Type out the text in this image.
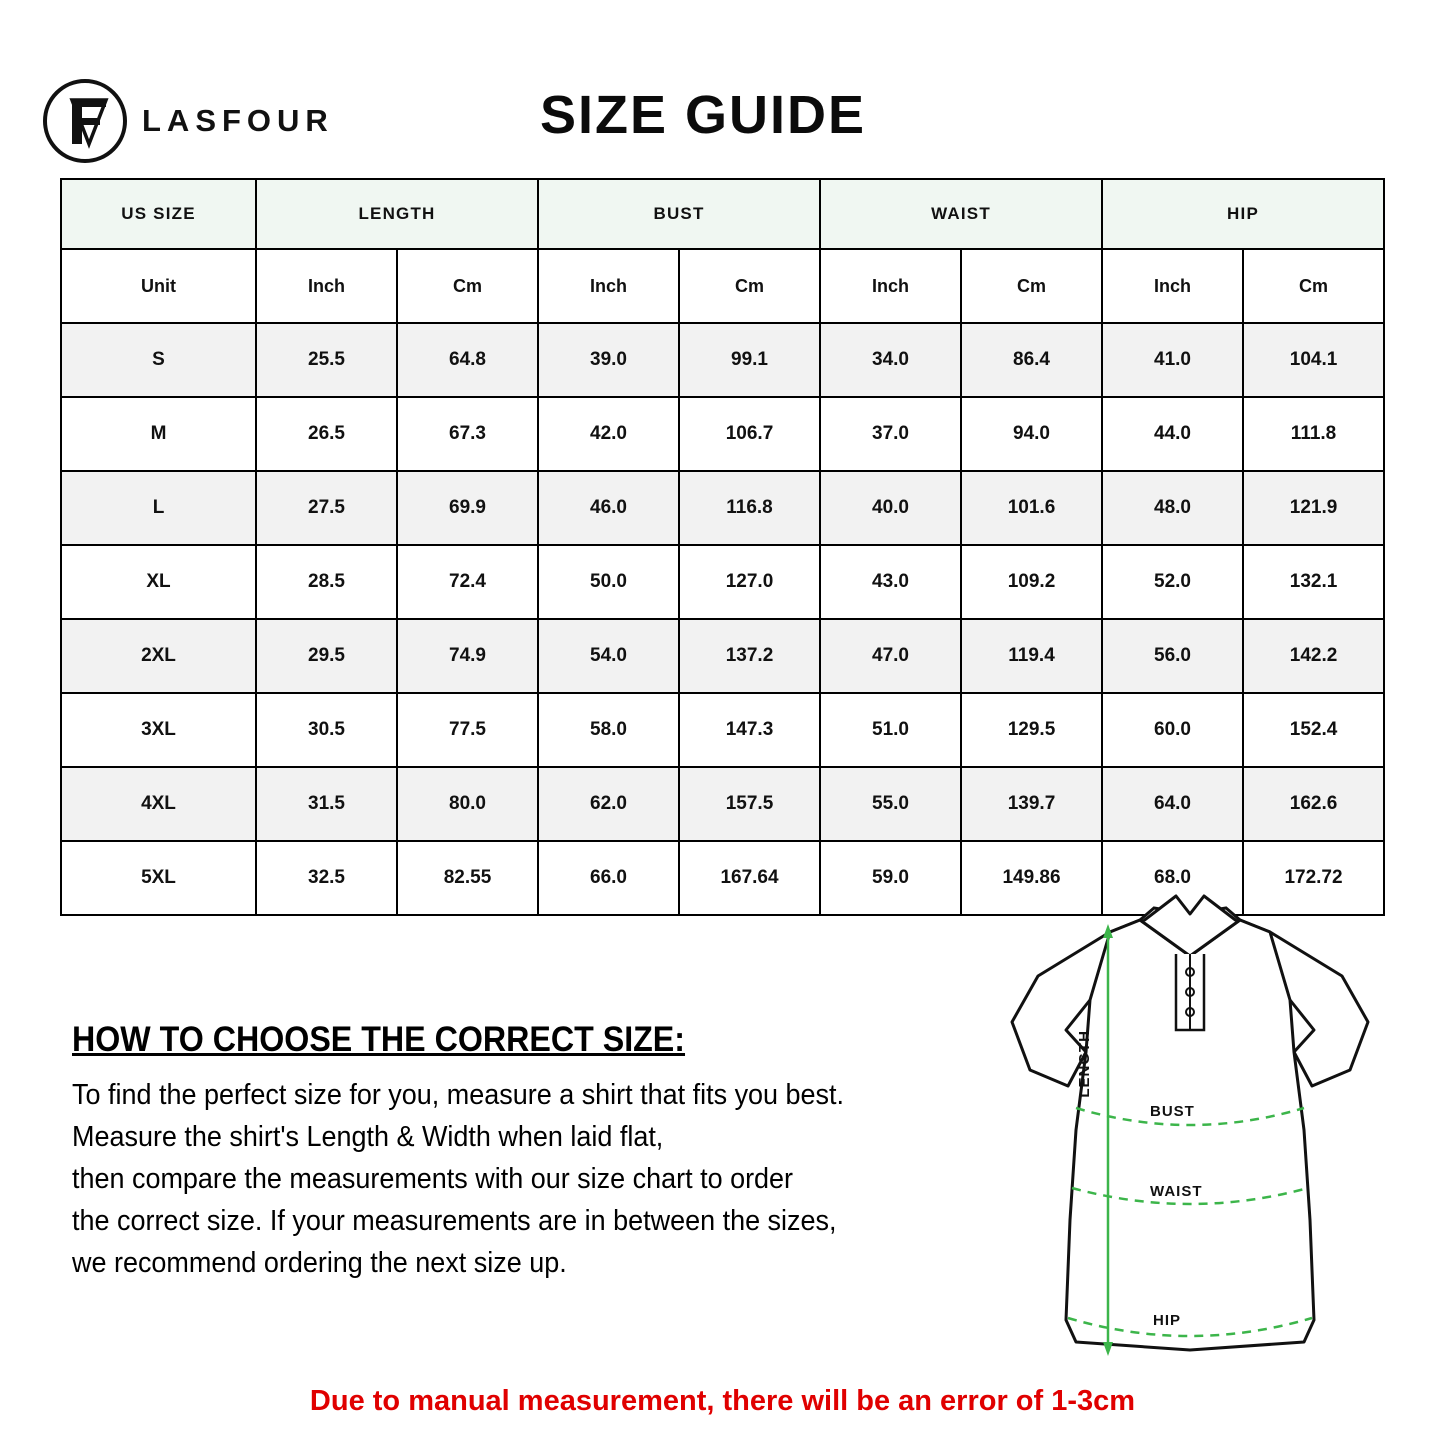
LASFOUR	SIZE GUIDE
US SIZE	LENGTH		BUST		WAIST		HIP	
Unit	Inch	Cm	Inch	Cm	Inch	Cm	Inch	Cm
S	25.5	64.8	39.0	99.1	34.0	86.4	41.0	104.1
M	26.5	67.3	42.0	106.7	37.0	94.0	44.0	111.8
L	27.5	69.9	46.0	116.8	40.0	101.6	48.0	121.9
XL	28.5	72.4	50.0	127.0	43.0	109.2	52.0	132.1
2XL	29.5	74.9	54.0	137.2	47.0	119.4	56.0	142.2
3XL	30.5	77.5	58.0	147.3	51.0	129.5	60.0	152.4
4XL	31.5	80.0	62.0	157.5	55.0	139.7	64.0	162.6
5XL	32.5	82.55	66.0	167.64	59.0	149.86	68.0	172.72
HOW TO CHOOSE THE CORRECT SIZE:
To find the perfect size for you, measure a shirt that fits you best.
Measure the shirt's Length & Width when laid flat,
then compare the measurements with our size chart to order
the correct size. If your measurements are in between the sizes,
we recommend ordering the next size up.
LENGTH
BUST
WAIST
HIP
Due to manual measurement, there will be an error of 1-3cm
